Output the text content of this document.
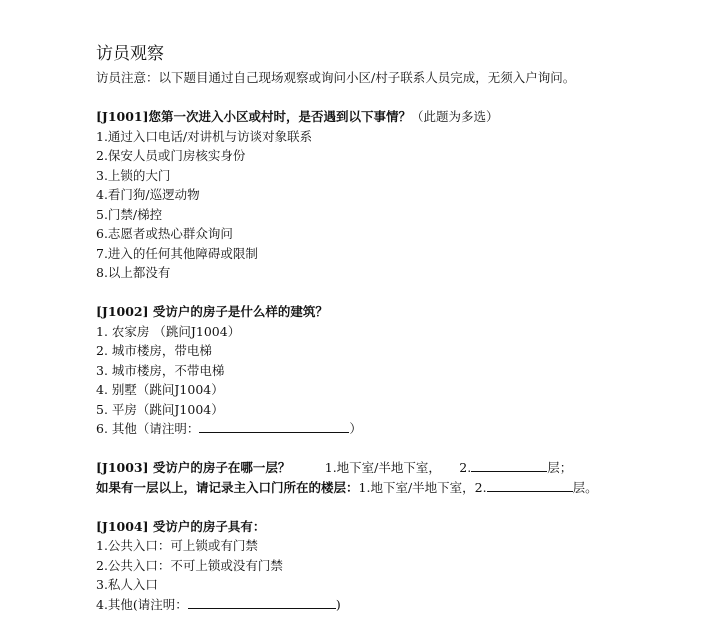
访员观察
访员注意：以下题目通过自己现场观察或询问小区/村子联系人员完成，无须入户询问。
[J1001]您第一次进入小区或村时，是否遇到以下事情？（此题为多选）
1.通过入口电话/对讲机与访谈对象联系
2.保安人员或门房核实身份
3.上锁的大门
4.看门狗/巡逻动物
5.门禁/梯控
6.志愿者或热心群众询问
7.进入的任何其他障碍或限制
8.以上都没有
[J1002] 受访户的房子是什么样的建筑？
1. 农家房 （跳问J1004）
2. 城市楼房，带电梯
3. 城市楼房，不带电梯
4. 别墅（跳问J1004）
5. 平房（跳问J1004）
6. 其他（请注明：	）
[J1003] 受访户的房子在哪一层？	1.地下室/半地下室， 2.	层；
如果有一层以上，请记录主入口门所在的楼层：1.地下室/半地下室，2.	层。
[J1004] 受访户的房子具有：
1.公共入口：可上锁或有门禁
2.公共入口：不可上锁或没有门禁
3.私人入口
4.其他(请注明：	)
